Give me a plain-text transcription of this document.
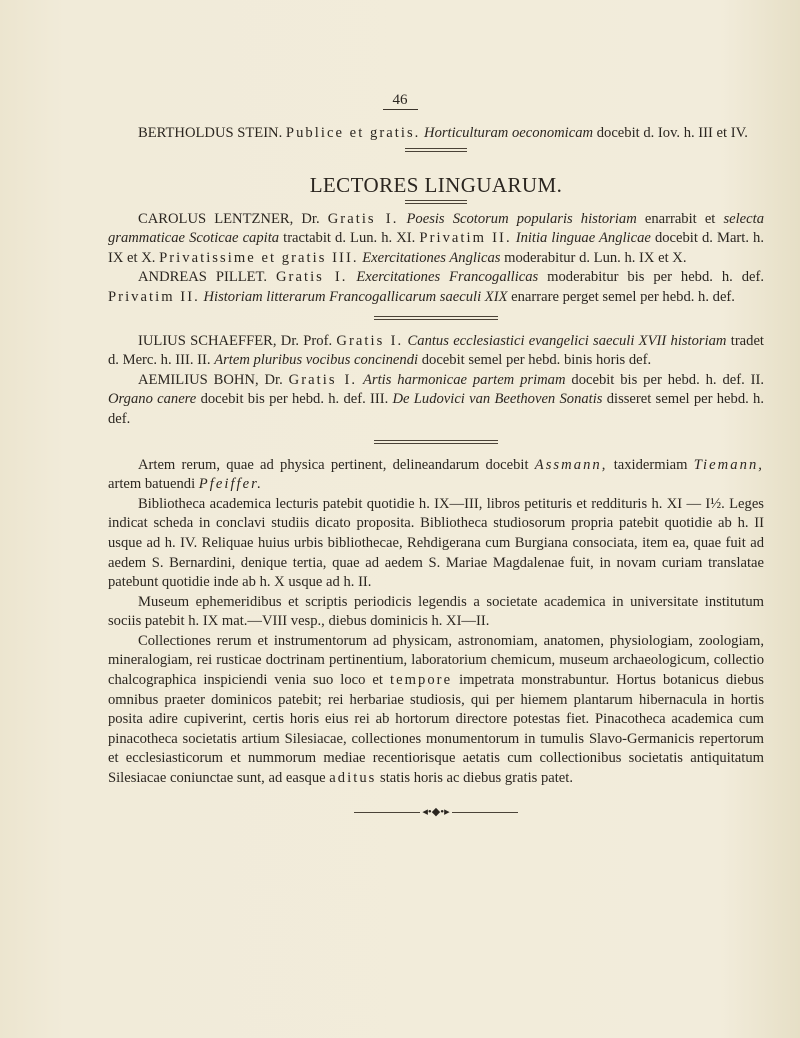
46

BERTHOLDUS STEIN. Publice et gratis. Horticulturam oeconomicam docebit d. Iov. h. III et IV.

LECTORES LINGUARUM.

CAROLUS LENTZNER, Dr. Gratis I. Poesis Scotorum popularis historiam enarrabit et selecta grammaticae Scoticae capita tractabit d. Lun. h. XI. Privatim II. Initia linguae Anglicae docebit d. Mart. h. IX et X. Privatissime et gratis III. Exercitationes Anglicas moderabitur d. Lun. h. IX et X.

ANDREAS PILLET. Gratis I. Exercitationes Francogallicas moderabitur bis per hebd. h. def. Privatim II. Historiam litterarum Francogallicarum saeculi XIX enarrare perget semel per hebd. h. def.

IULIUS SCHAEFFER, Dr. Prof. Gratis I. Cantus ecclesiastici evangelici saeculi XVII historiam tradet d. Merc. h. III. II. Artem pluribus vocibus concinendi docebit semel per hebd. binis horis def.

AEMILIUS BOHN, Dr. Gratis I. Artis harmonicae partem primam docebit bis per hebd. h. def. II. Organo canere docebit bis per hebd. h. def. III. De Ludovici van Beethoven Sonatis disseret semel per hebd. h. def.

Artem rerum, quae ad physica pertinent, delineandarum docebit Assmann, taxidermiam Tiemann, artem batuendi Pfeiffer.

Bibliotheca academica lecturis patebit quotidie h. IX—III, libros petituris et reddituris h. XI — I½. Leges indicat scheda in conclavi studiis dicato proposita. Bibliotheca studiosorum propria patebit quotidie ab h. II usque ad h. IV. Reliquae huius urbis bibliothecae, Rehdigerana cum Burgiana consociata, item ea, quae fuit ad aedem S. Bernardini, denique tertia, quae ad aedem S. Mariae Magdalenae fuit, in novam curiam translatae patebunt quotidie inde ab h. X usque ad h. II.

Museum ephemeridibus et scriptis periodicis legendis a societate academica in universitate institutum sociis patebit h. IX mat.—VIII vesp., diebus dominicis h. XI—II.

Collectiones rerum et instrumentorum ad physicam, astronomiam, anatomen, physiologiam, zoologiam, mineralogiam, rei rusticae doctrinam pertinentium, laboratorium chemicum, museum archaeologicum, collectio chalcographica inspiciendi venia suo loco et tempore impetrata monstrabuntur. Hortus botanicus diebus omnibus praeter dominicos patebit; rei herbariae studiosis, qui per hiemem plantarum hibernacula in hortis posita adire cupiverint, certis horis eius rei ab hortorum directore potestas fiet. Pinacotheca academica cum pinacotheca societatis artium Silesiacae, collectiones monumentorum in tumulis Slavo-Germanicis repertorum et ecclesiasticorum et nummorum mediae recentiorisque aetatis cum collectionibus societatis antiquitatum Silesiacae coniunctae sunt, ad easque aditus statis horis ac diebus gratis patet.

◂•◆•▸
